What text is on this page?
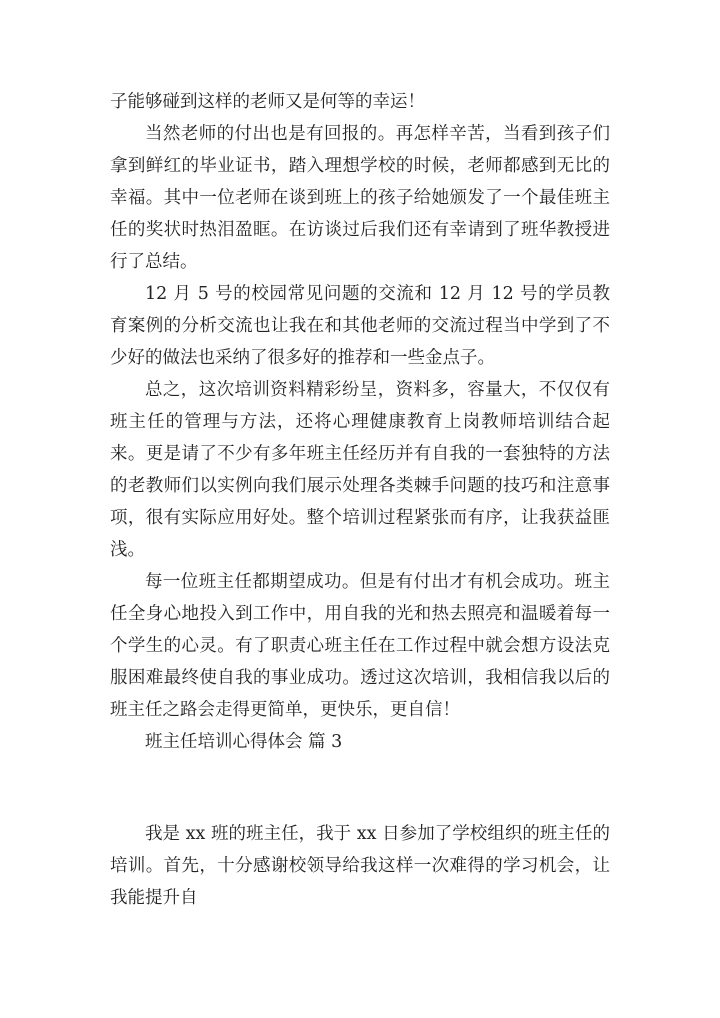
子能够碰到这样的老师又是何等的幸运！

当然老师的付出也是有回报的。再怎样辛苦，当看到孩子们拿到鲜红的毕业证书，踏入理想学校的时候，老师都感到无比的幸福。其中一位老师在谈到班上的孩子给她颁发了一个最佳班主任的奖状时热泪盈眶。在访谈过后我们还有幸请到了班华教授进行了总结。

12 月 5 号的校园常见问题的交流和 12 月 12 号的学员教育案例的分析交流也让我在和其他老师的交流过程当中学到了不少好的做法也采纳了很多好的推荐和一些金点子。

总之，这次培训资料精彩纷呈，资料多，容量大，不仅仅有班主任的管理与方法，还将心理健康教育上岗教师培训结合起来。更是请了不少有多年班主任经历并有自我的一套独特的方法的老教师们以实例向我们展示处理各类棘手问题的技巧和注意事项，很有实际应用好处。整个培训过程紧张而有序，让我获益匪浅。

每一位班主任都期望成功。但是有付出才有机会成功。班主任全身心地投入到工作中，用自我的光和热去照亮和温暖着每一个学生的心灵。有了职责心班主任在工作过程中就会想方设法克服困难最终使自我的事业成功。透过这次培训，我相信我以后的班主任之路会走得更简单，更快乐，更自信！

班主任培训心得体会 篇 3

我是 xx 班的班主任，我于 xx 日参加了学校组织的班主任的培训。首先，十分感谢校领导给我这样一次难得的学习机会，让我能提升自
